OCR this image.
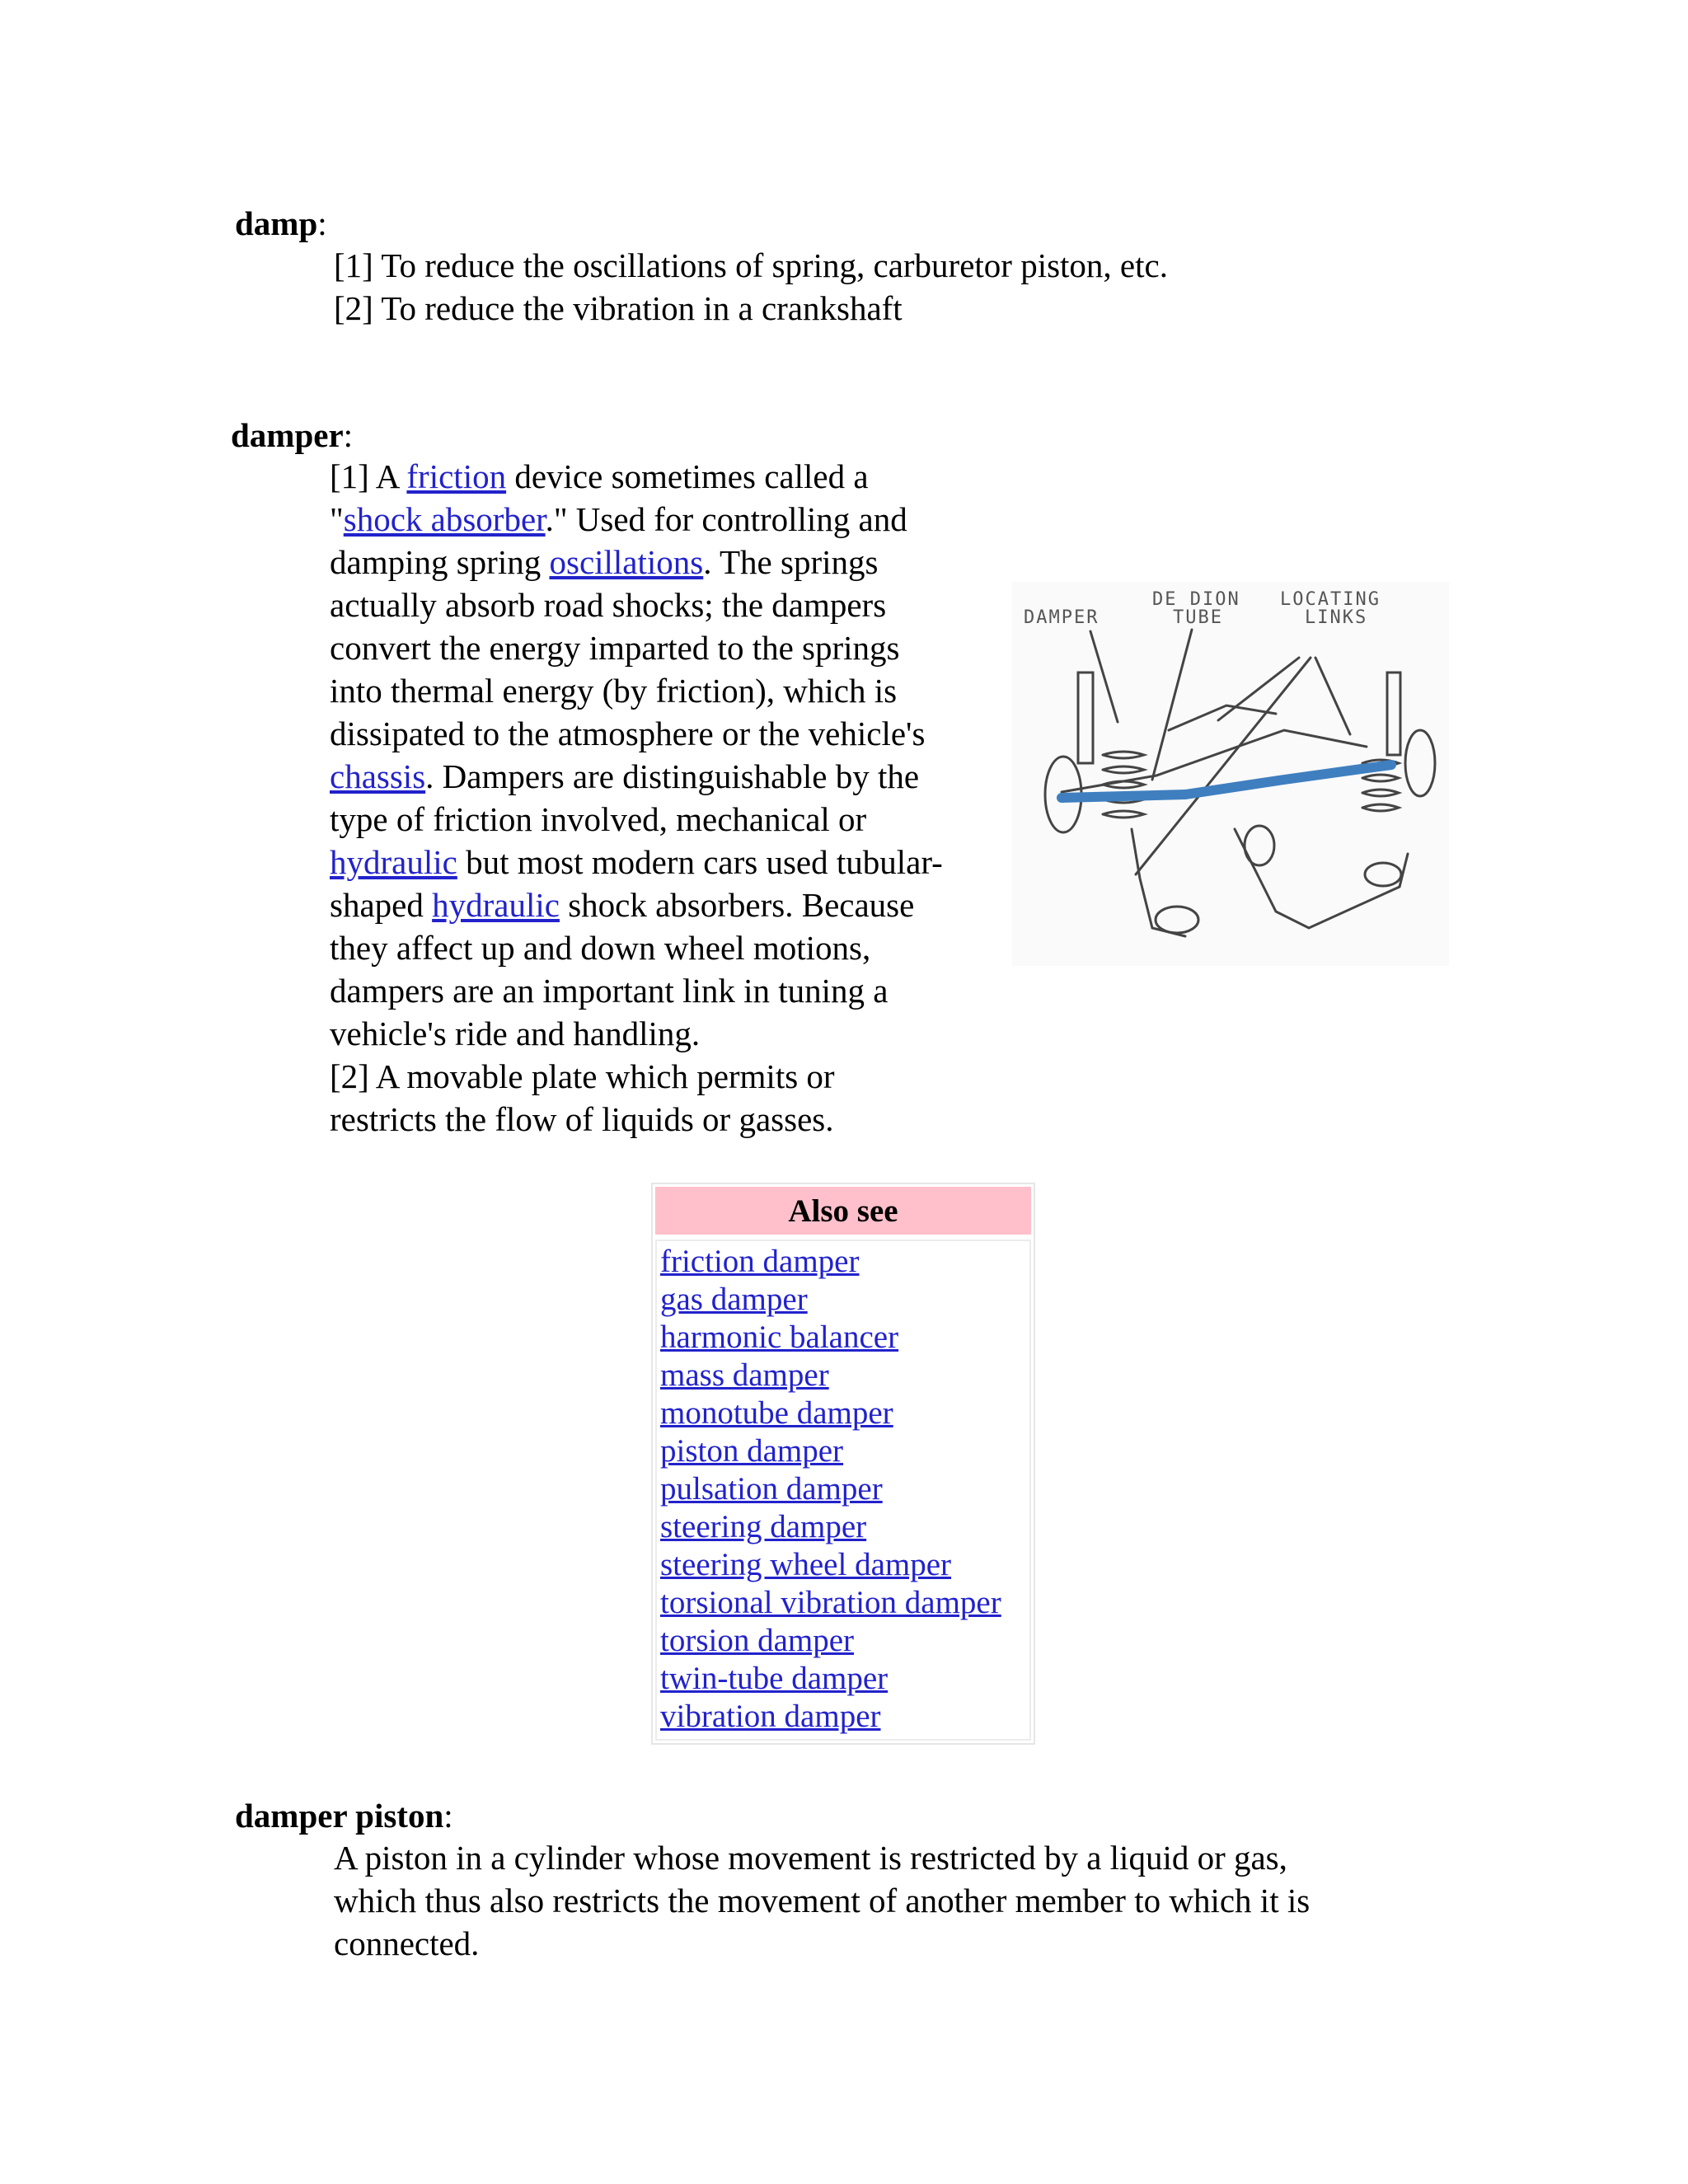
damp:
[1] To reduce the oscillations of spring, carburetor piston, etc.
[2] To reduce the vibration in a crankshaft
damper:
[1] A friction device sometimes called a
"shock absorber." Used for controlling and
damping spring oscillations. The springs
actually absorb road shocks; the dampers
convert the energy imparted to the springs
into thermal energy (by friction), which is
dissipated to the atmosphere or the vehicle's
chassis. Dampers are distinguishable by the
type of friction involved, mechanical or
hydraulic but most modern cars used tubular-
shaped hydraulic shock absorbers. Because
they affect up and down wheel motions,
dampers are an important link in tuning a
vehicle's ride and handling.
[2] A movable plate which permits or
restricts the flow of liquids or gasses.
DAMPER
DE DION
TUBE
LOCATING
LINKS
Also see
friction damper
gas damper
harmonic balancer
mass damper
monotube damper
piston damper
pulsation damper
steering damper
steering wheel damper
torsional vibration damper
torsion damper
twin-tube damper
vibration damper
damper piston:
A piston in a cylinder whose movement is restricted by a liquid or gas,
which thus also restricts the movement of another member to which it is
connected.
